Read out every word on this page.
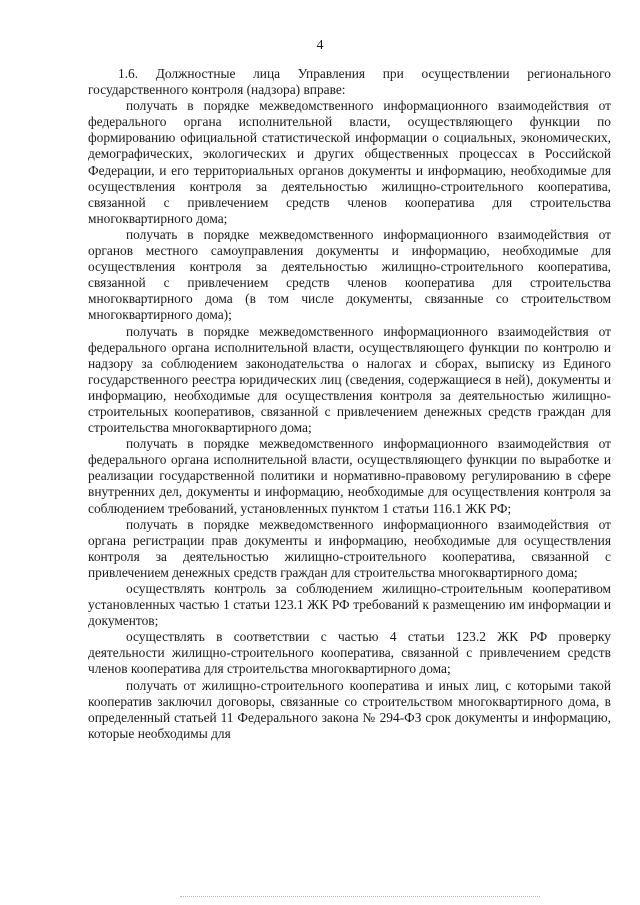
4

1.6. Должностные лица Управления при осуществлении регионального государственного контроля (надзора) вправе:

получать в порядке межведомственного информационного взаимодействия от федерального органа исполнительной власти, осуществляющего функции по формированию официальной статистической информации о социальных, экономических, демографических, экологических и других общественных процессах в Российской Федерации, и его территориальных органов документы и информацию, необходимые для осуществления контроля за деятельностью жилищно-строительного кооператива, связанной с привлечением средств членов кооператива для строительства многоквартирного дома;

получать в порядке межведомственного информационного взаимодействия от органов местного самоуправления документы и информацию, необходимые для осуществления контроля за деятельностью жилищно-строительного кооператива, связанной с привлечением средств членов кооператива для строительства многоквартирного дома (в том числе документы, связанные со строительством многоквартирного дома);

получать в порядке межведомственного информационного взаимодействия от федерального органа исполнительной власти, осуществляющего функции по контролю и надзору за соблюдением законодательства о налогах и сборах, выписку из Единого государственного реестра юридических лиц (сведения, содержащиеся в ней), документы и информацию, необходимые для осуществления контроля за деятельностью жилищно-строительных кооперативов, связанной с привлечением денежных средств граждан для строительства многоквартирного дома;

получать в порядке межведомственного информационного взаимодействия от федерального органа исполнительной власти, осуществляющего функции по выработке и реализации государственной политики и нормативно-правовому регулированию в сфере внутренних дел, документы и информацию, необходимые для осуществления контроля за соблюдением требований, установленных пунктом 1 статьи 116.1 ЖК РФ;

получать в порядке межведомственного информационного взаимодействия от органа регистрации прав документы и информацию, необходимые для осуществления контроля за деятельностью жилищно-строительного кооператива, связанной с привлечением денежных средств граждан для строительства многоквартирного дома;

осуществлять контроль за соблюдением жилищно-строительным кооперативом установленных частью 1 статьи 123.1 ЖК РФ требований к размещению им информации и документов;

осуществлять в соответствии с частью 4 статьи 123.2 ЖК РФ проверку деятельности жилищно-строительного кооператива, связанной с привлечением средств членов кооператива для строительства многоквартирного дома;

получать от жилищно-строительного кооператива и иных лиц, с которыми такой кооператив заключил договоры, связанные со строительством многоквартирного дома, в определенный статьей 11 Федерального закона № 294-ФЗ срок документы и информацию, которые необходимы для
